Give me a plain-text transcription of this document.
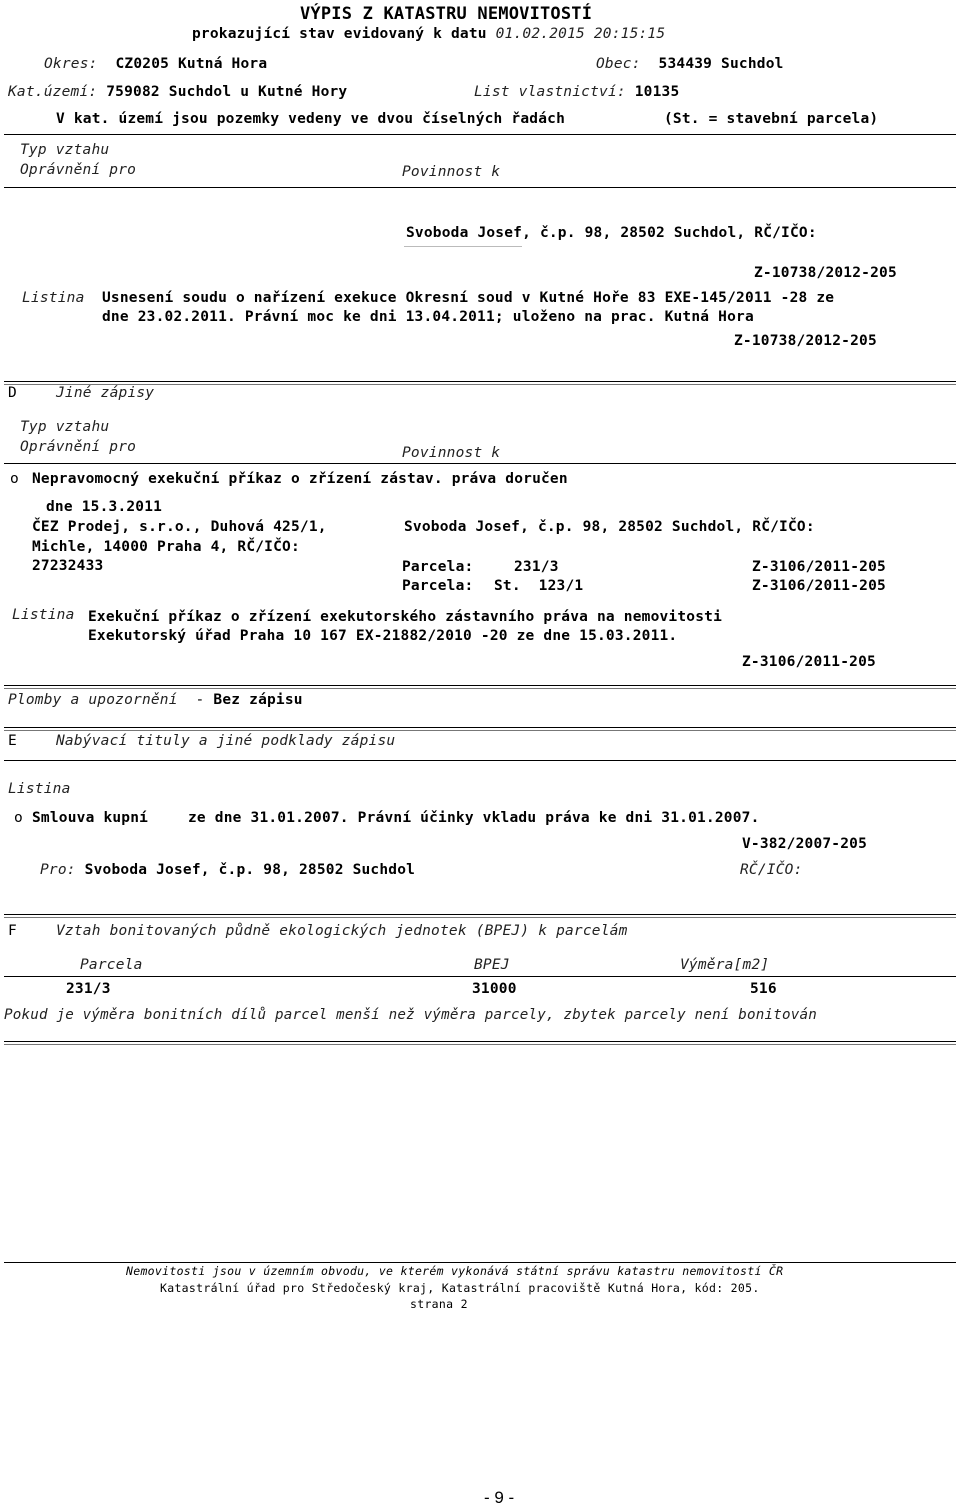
VÝPIS Z KATASTRU NEMOVITOSTÍ
prokazující stav evidovaný k datu 01.02.2015 20:15:15
Okres: CZ0205 Kutná Hora	Obec: 534439 Suchdol
Kat.území: 759082 Suchdol u Kutné Hory	List vlastnictví: 10135
V kat. území jsou pozemky vedeny ve dvou číselných řadách	(St. = stavební parcela)
Typ vztahu
Oprávnění pro	Povinnost k
Svoboda Josef, č.p. 98, 28502 Suchdol, RČ/IČO:
Z-10738/2012-205
Listina Usnesení soudu o nařízení exekuce Okresní soud v Kutné Hoře 83 EXE-145/2011 -28 ze
dne 23.02.2011. Právní moc ke dni 13.04.2011; uloženo na prac. Kutná Hora
Z-10738/2012-205
D	Jiné zápisy
Typ vztahu
Oprávnění pro	Povinnost k
o Nepravomocný exekuční příkaz o zřízení zástav. práva doručen
dne 15.3.2011
ČEZ Prodej, s.r.o., Duhová 425/1,
Michle, 14000 Praha 4, RČ/IČO:
27232433
Svoboda Josef, č.p. 98, 28502 Suchdol, RČ/IČO:
Parcela:	231/3	Z-3106/2011-205
Parcela: St.  123/1	Z-3106/2011-205
Listina Exekuční příkaz o zřízení exekutorského zástavního práva na nemovitosti
Exekutorský úřad Praha 10 167 EX-21882/2010 -20 ze dne 15.03.2011.
Z-3106/2011-205
Plomby a upozornění - Bez zápisu
E	Nabývací tituly a jiné podklady zápisu
Listina
o Smlouva kupní	ze dne 31.01.2007. Právní účinky vkladu práva ke dni 31.01.2007.
V-382/2007-205
Pro: Svoboda Josef, č.p. 98, 28502 Suchdol	RČ/IČO:
F	Vztah bonitovaných půdně ekologických jednotek (BPEJ) k parcelám
Parcela	BPEJ	Výměra[m2]
231/3	31000	516
Pokud je výměra bonitních dílů parcel menší než výměra parcely, zbytek parcely není bonitován
Nemovitosti jsou v územním obvodu, ve kterém vykonává státní správu katastru nemovitostí ČR
Katastrální úřad pro Středočeský kraj, Katastrální pracoviště Kutná Hora, kód: 205.
strana 2
- 9 -
